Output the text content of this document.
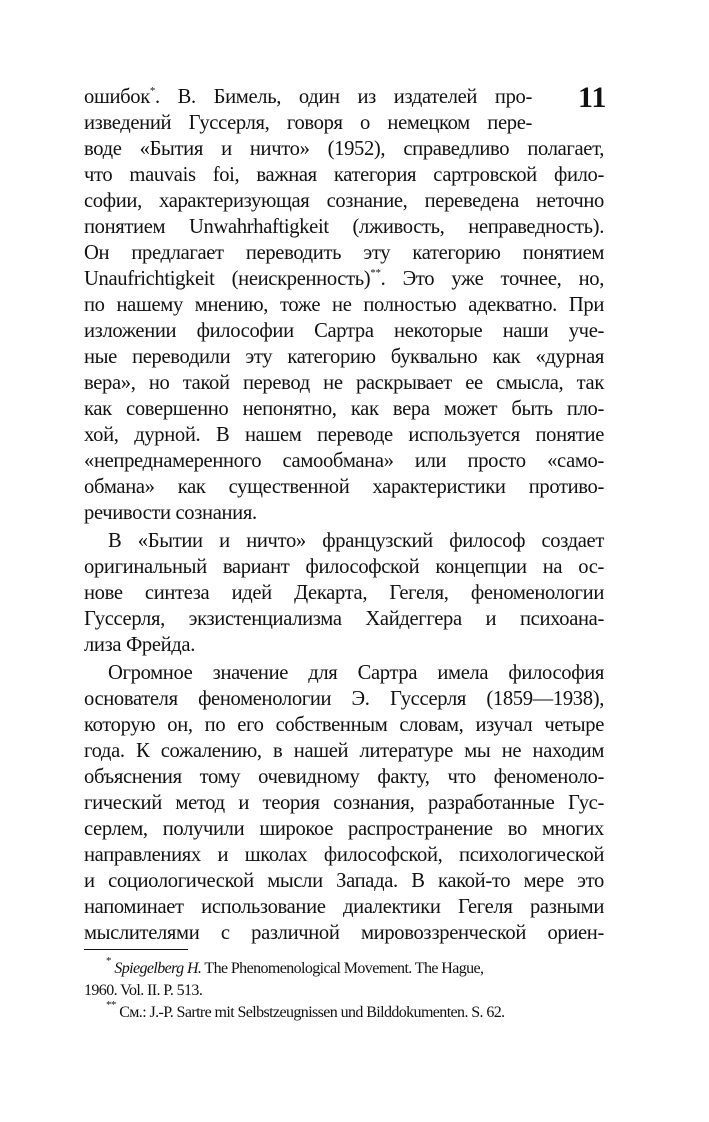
11
ошибок*. В. Бимель, один из издателей про-
изведений Гуссерля, говоря о немецком пере-
воде «Бытия и ничто» (1952), справедливо полагает,
что mauvais foi, важная категория сартровской фило-
софии, характеризующая сознание, переведена неточно
понятием Unwahrhaftigkeit (лживость, неправедность).
Он предлагает переводить эту категорию понятием
Unaufrichtigkeit (неискренность)**. Это уже точнее, но,
по нашему мнению, тоже не полностью адекватно. При
изложении философии Сартра некоторые наши уче-
ные переводили эту категорию буквально как «дурная
вера», но такой перевод не раскрывает ее смысла, так
как совершенно непонятно, как вера может быть пло-
хой, дурной. В нашем переводе используется понятие
«непреднамеренного самообмана» или просто «само-
обмана» как существенной характеристики противо-
речивости сознания.
В «Бытии и ничто» французский философ создает
оригинальный вариант философской концепции на ос-
нове синтеза идей Декарта, Гегеля, феноменологии
Гуссерля, экзистенциализма Хайдеггера и психоана-
лиза Фрейда.
Огромное значение для Сартра имела философия
основателя феноменологии Э. Гуссерля (1859—1938),
которую он, по его собственным словам, изучал четыре
года. К сожалению, в нашей литературе мы не находим
объяснения тому очевидному факту, что феноменоло-
гический метод и теория сознания, разработанные Гус-
серлем, получили широкое распространение во многих
направлениях и школах философской, психологической
и социологической мысли Запада. В какой-то мере это
напоминает использование диалектики Гегеля разными
мыслителями с различной мировоззренческой ориен-
* Spiegelberg H. The Phenomenological Movement. The Hague,
1960. Vol. II. P. 513.
** См.: J.-P. Sartre mit Selbstzeugnissen und Bilddokumenten. S. 62.
